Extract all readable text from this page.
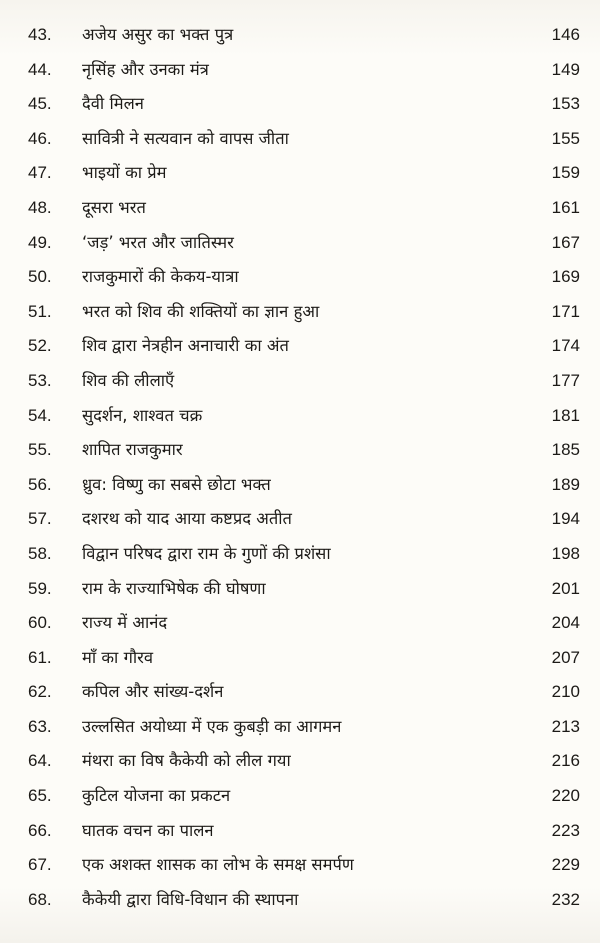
43.	अजेय असुर का भक्त पुत्र	146
44.	नृसिंह और उनका मंत्र	149
45.	दैवी मिलन	153
46.	सावित्री ने सत्यवान को वापस जीता	155
47.	भाइयों का प्रेम	159
48.	दूसरा भरत	161
49.	‘जड़’ भरत और जातिस्मर	167
50.	राजकुमारों की केकय-यात्रा	169
51.	भरत को शिव की शक्तियों का ज्ञान हुआ	171
52.	शिव द्वारा नेत्रहीन अनाचारी का अंत	174
53.	शिव की लीलाएँ	177
54.	सुदर्शन, शाश्वत चक्र	181
55.	शापित राजकुमार	185
56.	ध्रुव: विष्णु का सबसे छोटा भक्त	189
57.	दशरथ को याद आया कष्टप्रद अतीत	194
58.	विद्वान परिषद द्वारा राम के गुणों की प्रशंसा	198
59.	राम के राज्याभिषेक की घोषणा	201
60.	राज्य में आनंद	204
61.	माँ का गौरव	207
62.	कपिल और सांख्य-दर्शन	210
63.	उल्लसित अयोध्या में एक कुबड़ी का आगमन	213
64.	मंथरा का विष कैकेयी को लील गया	216
65.	कुटिल योजना का प्रकटन	220
66.	घातक वचन का पालन	223
67.	एक अशक्त शासक का लोभ के समक्ष समर्पण	229
68.	कैकेयी द्वारा विधि-विधान की स्थापना	232
